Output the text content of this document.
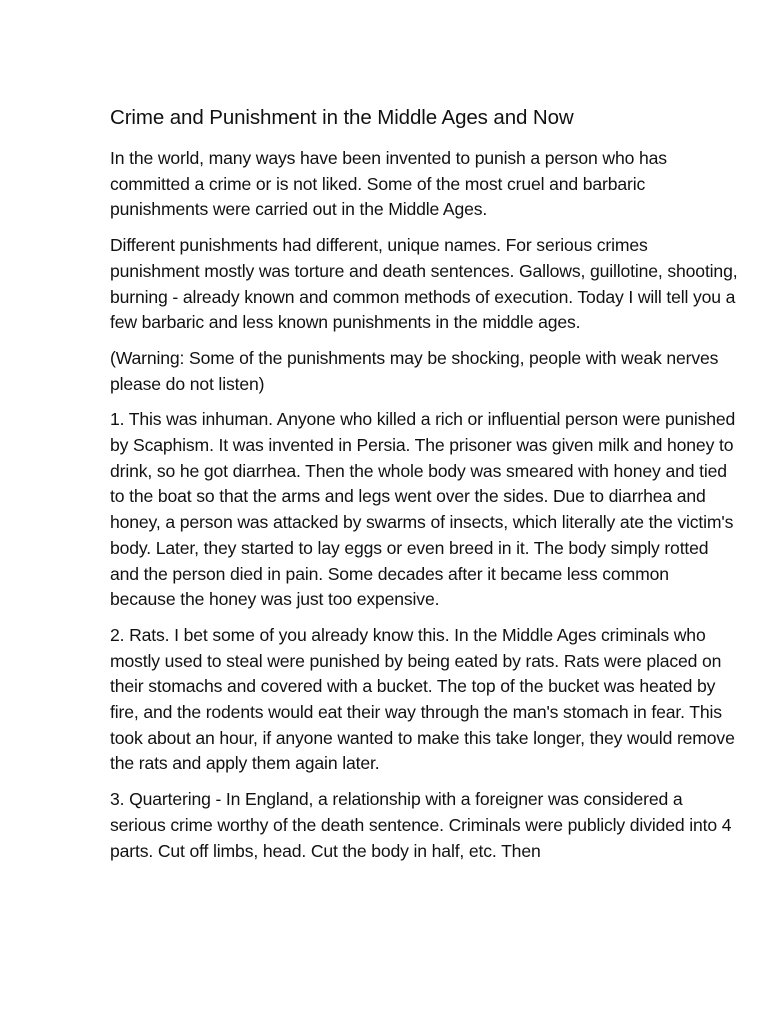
Crime and Punishment in the Middle Ages and Now

In the world, many ways have been invented to punish a person who has committed a crime or is not liked. Some of the most cruel and barbaric punishments were carried out in the Middle Ages.

Different punishments had different, unique names. For serious crimes punishment mostly was torture and death sentences. Gallows, guillotine, shooting, burning - already known and common methods of execution. Today I will tell you a few barbaric and less known punishments in the middle ages.

(Warning: Some of the punishments may be shocking, people with weak nerves please do not listen)

1. This was inhuman. Anyone who killed a rich or influential person were punished by Scaphism. It was invented in Persia. The prisoner was given milk and honey to drink, so he got diarrhea. Then the whole body was smeared with honey and tied to the boat so that the arms and legs went over the sides. Due to diarrhea and honey, a person was attacked by swarms of insects, which literally ate the victim's body. Later, they started to lay eggs or even breed in it. The body simply rotted and the person died in pain. Some decades after it became less common because the honey was just too expensive.

2. Rats. I bet some of you already know this. In the Middle Ages criminals who mostly used to steal were punished by being eated by rats. Rats were placed on their stomachs and covered with a bucket. The top of the bucket was heated by fire, and the rodents would eat their way through the man's stomach in fear. This took about an hour, if anyone wanted to make this take longer, they would remove the rats and apply them again later.

3. Quartering - In England, a relationship with a foreigner was considered a serious crime worthy of the death sentence. Criminals were publicly divided into 4 parts. Cut off limbs, head. Cut the body in half, etc. Then
